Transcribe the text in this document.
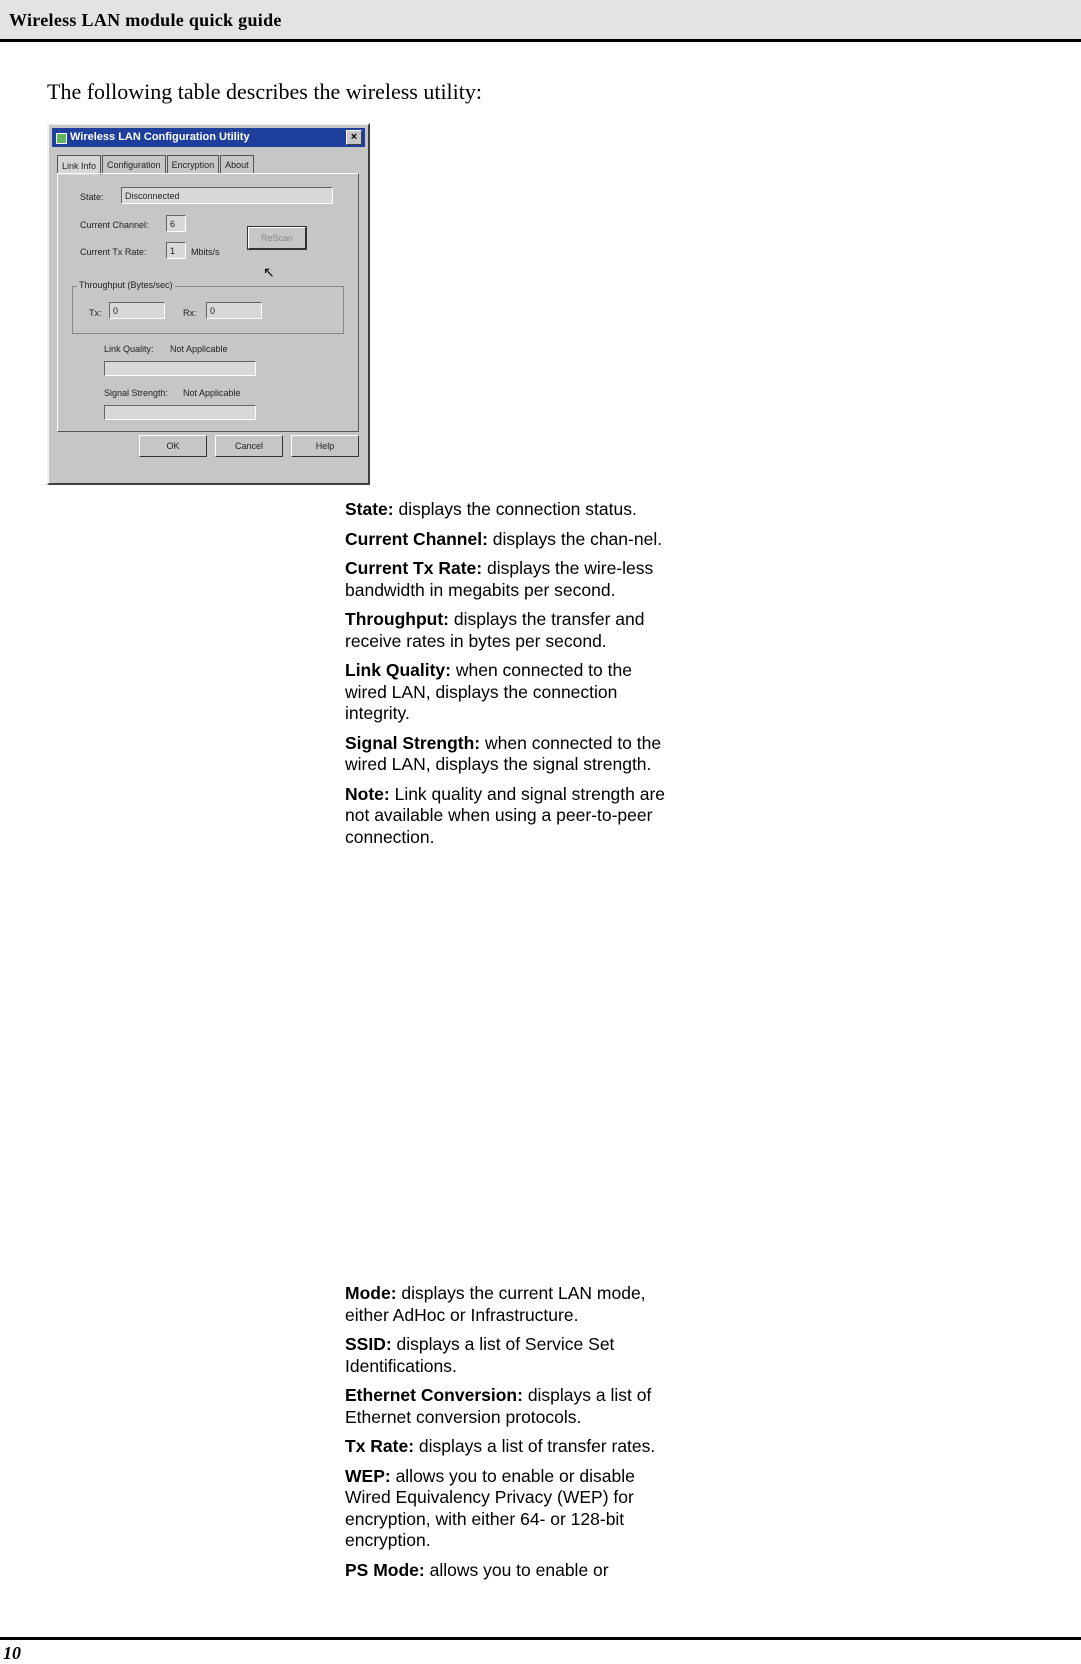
Wireless LAN module quick guide
The following table describes the wireless utility:
Wireless LAN Configuration Utility	×
Link Info	Configuration	Encryption	About
State:	Disconnected
Current Channel:	6
Current Tx Rate:	1	Mbits/s
ReScan
↖
Throughput (Bytes/sec)
Tx:	0	Rx:	0
Link Quality: Not Applicable
Signal Strength: Not Applicable
OK	Cancel	Help

State: displays the connection status.

Current Channel: displays the chan-nel.

Current Tx Rate: displays the wire-less bandwidth in megabits per second.

Throughput: displays the transfer and receive rates in bytes per second.

Link Quality: when connected to the wired LAN, displays the connection integrity.

Signal Strength: when connected to the wired LAN, displays the signal strength.

Note: Link quality and signal strength are not available when using a peer-to-peer connection.

Mode: displays the current LAN mode, either AdHoc or Infrastructure.

SSID: displays a list of Service Set Identifications.

Ethernet Conversion: displays a list of Ethernet conversion protocols.

Tx Rate: displays a list of transfer rates.

WEP: allows you to enable or disable Wired Equivalency Privacy (WEP) for encryption, with either 64- or 128-bit encryption.

PS Mode: allows you to enable or

10
